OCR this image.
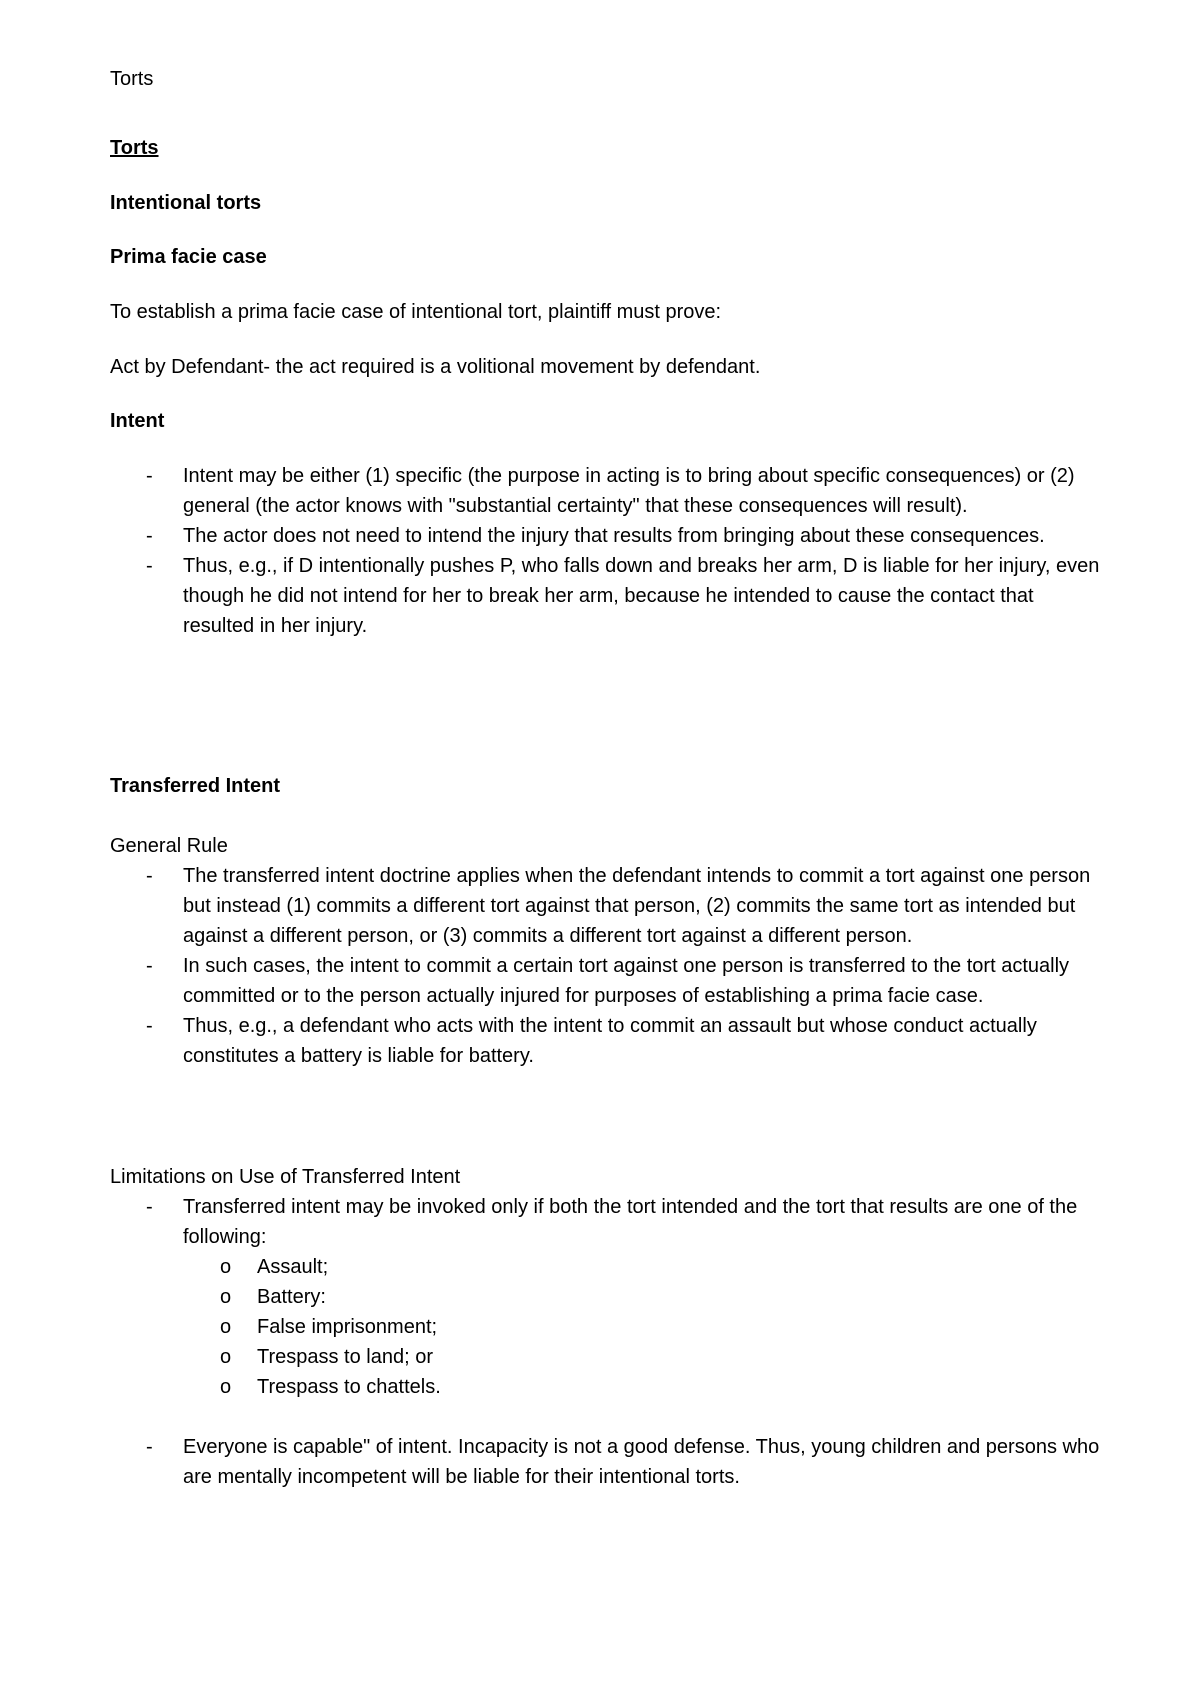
Torts
Torts
Intentional torts
Prima facie case
To establish a prima facie case of intentional tort, plaintiff must prove:
Act by Defendant- the act required is a volitional movement by defendant.
Intent
- Intent may be either (1) specific (the purpose in acting is to bring about specific consequences) or (2) general (the actor knows with "substantial certainty" that these consequences will result).
- The actor does not need to intend the injury that results from bringing about these consequences.
- Thus, e.g., if D intentionally pushes P, who falls down and breaks her arm, D is liable for her injury, even though he did not intend for her to break her arm, because he intended to cause the contact that resulted in her injury.
Transferred Intent
General Rule
- The transferred intent doctrine applies when the defendant intends to commit a tort against one person but instead (1) commits a different tort against that person, (2) commits the same tort as intended but against a different person, or (3) commits a different tort against a different person.
- In such cases, the intent to commit a certain tort against one person is transferred to the tort actually committed or to the person actually injured for purposes of establishing a prima facie case.
- Thus, e.g., a defendant who acts with the intent to commit an assault but whose conduct actually constitutes a battery is liable for battery.
Limitations on Use of Transferred Intent
- Transferred intent may be invoked only if both the tort intended and the tort that results are one of the following:
o Assault;
o Battery:
o False imprisonment;
o Trespass to land; or
o Trespass to chattels.
- Everyone is capable" of intent. Incapacity is not a good defense. Thus, young children and persons who are mentally incompetent will be liable for their intentional torts.
